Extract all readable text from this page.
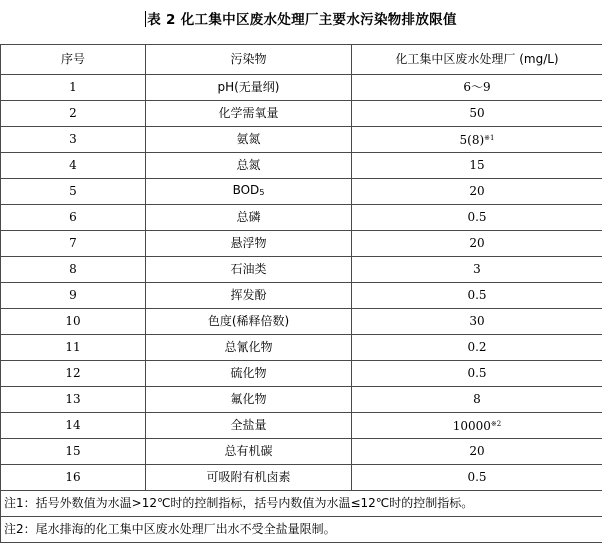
表 2 化工集中区废水处理厂主要水污染物排放限值
序号	污染物	化工集中区废水处理厂 (mg/L)
1	pH(无量纲)	6～9
2	化学需氧量	50
3	氨氮	$5(8)^{※1}$
4	总氮	15
5	$BOD_5$	20
6	总磷	0.5
7	悬浮物	20
8	石油类	3
9	挥发酚	0.5
10	色度(稀释倍数)	30
11	总氰化物	0.2
12	硫化物	0.5
13	氟化物	8
14	全盐量	10000$^{※2}$
15	总有机碳	20
16	可吸附有机卤素	0.5
注1：括号外数值为水温>12℃时的控制指标，括号内数值为水温≤12℃时的控制指标。		
注2：尾水排海的化工集中区废水处理厂出水不受全盐量限制。		
